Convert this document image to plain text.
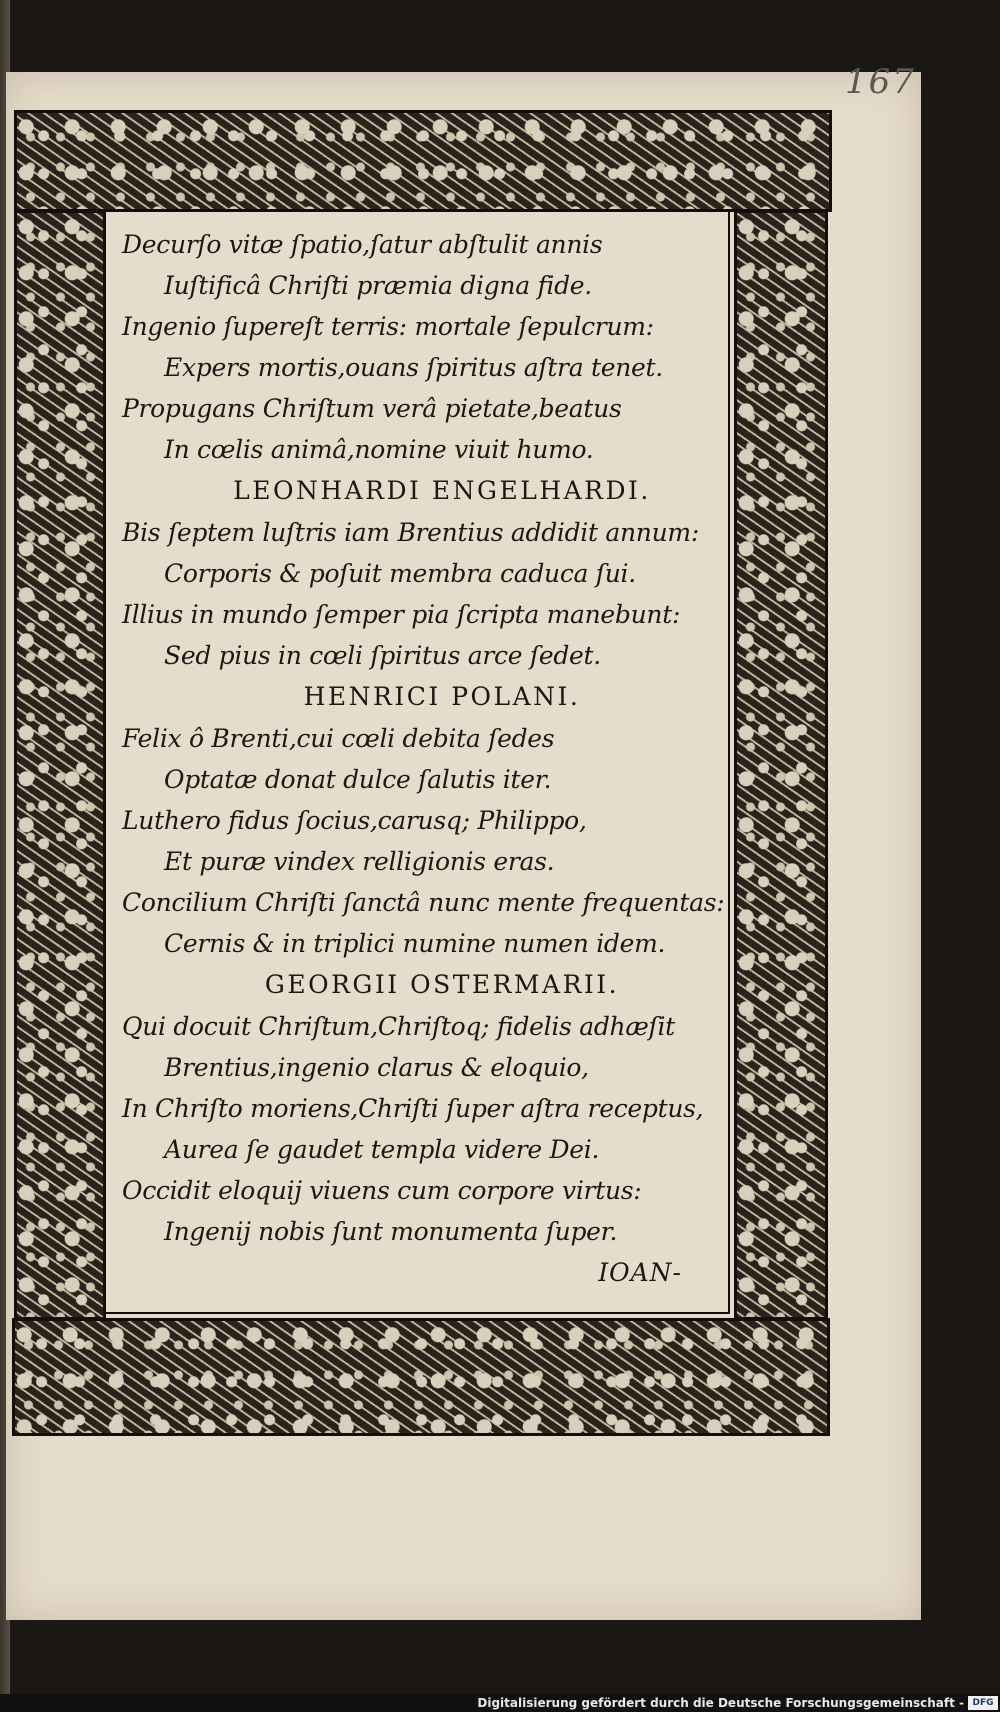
167
Decurſo vitæ ſpatio,ſatur abſtulit annis
Iuſtificâ Chriſti præmia digna fide.
Ingenio ſupereſt terris: mortale ſepulcrum:
Expers mortis,ouans ſpiritus aſtra tenet.
Propugans Chriſtum verâ pietate,beatus
In cœlis animâ,nomine viuit humo.
LEONHARDI ENGELHARDI.
Bis ſeptem luſtris iam Brentius addidit annum:
Corporis & poſuit membra caduca ſui.
Illius in mundo ſemper pia ſcripta manebunt:
Sed pius in cœli ſpiritus arce ſedet.
HENRICI POLANI.
Felix ô Brenti,cui cœli debita ſedes
Optatæ donat dulce ſalutis iter.
Luthero fidus ſocius,carusq; Philippo,
Et puræ vindex relligionis eras.
Concilium Chriſti ſanctâ nunc mente frequentas:
Cernis & in triplici numine numen idem.
GEORGII OSTERMARII.
Qui docuit Chriſtum,Chriſtoq; fidelis adhæſit
Brentius,ingenio clarus & eloquio,
In Chriſto moriens,Chriſti ſuper aſtra receptus,
Aurea ſe gaudet templa videre Dei.
Occidit eloquij viuens cum corpore virtus:
Ingenij nobis ſunt monumenta ſuper.
IOAN-
Digitalisierung gefördert durch die Deutsche Forschungsgemeinschaft - DFG
